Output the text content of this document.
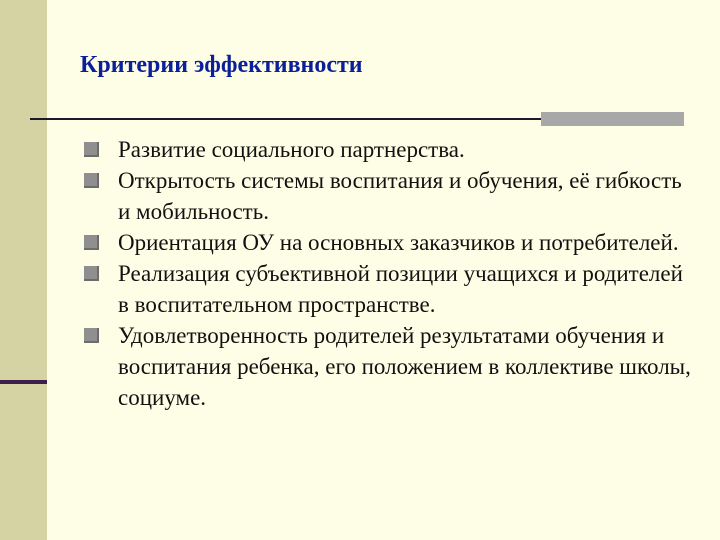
Критерии эффективности
Развитие социального партнерства.
Открытость системы воспитания и обучения, её гибкость и мобильность.
Ориентация ОУ на основных заказчиков и потребителей.
Реализация субъективной позиции учащихся и родителей в воспитательном пространстве.
Удовлетворенность родителей результатами обучения и воспитания ребенка, его положением в коллективе школы, социуме.
